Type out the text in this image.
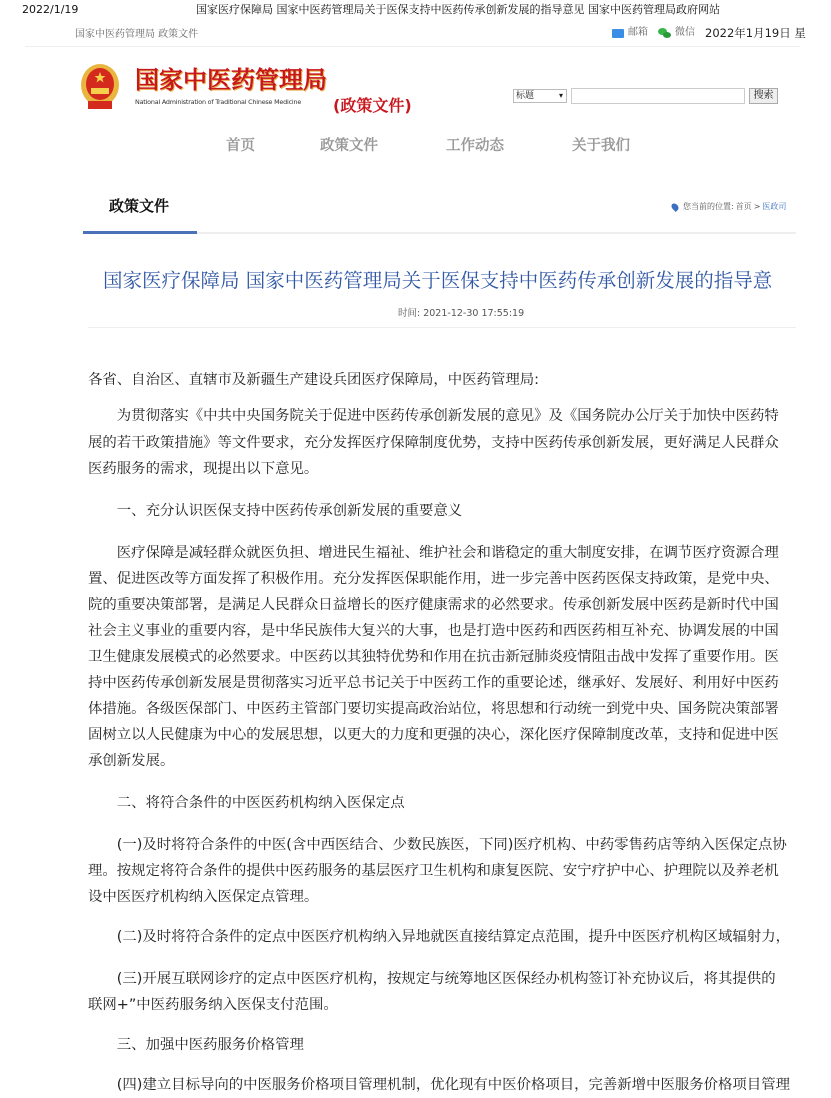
2022/1/19	国家医疗保障局 国家中医药管理局关于医保支持中医药传承创新发展的指导意见 国家中医药管理局政府网站
国家中医药管理局 政策文件	邮箱	微信 2022年1月19日 星
国家中医药管理局
National Administration of Traditional Chinese Medicine (政策文件)	标题	▾	搜索
首页	政策文件	工作动态	关于我们
政策文件	您当前的位置: 首页 > 医政司
国家医疗保障局 国家中医药管理局关于医保支持中医药传承创新发展的指导意
时间: 2021-12-30 17:55:19
各省、自治区、直辖市及新疆生产建设兵团医疗保障局，中医药管理局:
　　为贯彻落实《中共中央国务院关于促进中医药传承创新发展的意见》及《国务院办公厅关于加快中医药特
展的若干政策措施》等文件要求，充分发挥医疗保障制度优势，支持中医药传承创新发展，更好满足人民群众
医药服务的需求，现提出以下意见。
　　一、充分认识医保支持中医药传承创新发展的重要意义
　　医疗保障是减轻群众就医负担、增进民生福祉、维护社会和谐稳定的重大制度安排，在调节医疗资源合理
置、促进医改等方面发挥了积极作用。充分发挥医保职能作用，进一步完善中医药医保支持政策，是党中央、
院的重要决策部署，是满足人民群众日益增长的医疗健康需求的必然要求。传承创新发展中医药是新时代中国
社会主义事业的重要内容，是中华民族伟大复兴的大事，也是打造中医药和西医药相互补充、协调发展的中国
卫生健康发展模式的必然要求。中医药以其独特优势和作用在抗击新冠肺炎疫情阻击战中发挥了重要作用。医
持中医药传承创新发展是贯彻落实习近平总书记关于中医药工作的重要论述，继承好、发展好、利用好中医药
体措施。各级医保部门、中医药主管部门要切实提高政治站位，将思想和行动统一到党中央、国务院决策部署
固树立以人民健康为中心的发展思想，以更大的力度和更强的决心，深化医疗保障制度改革，支持和促进中医
承创新发展。
　　二、将符合条件的中医医药机构纳入医保定点
　　(一)及时将符合条件的中医(含中西医结合、少数民族医，下同)医疗机构、中药零售药店等纳入医保定点协
理。按规定将符合条件的提供中医药服务的基层医疗卫生机构和康复医院、安宁疗护中心、护理院以及养老机
设中医医疗机构纳入医保定点管理。
　　(二)及时将符合条件的定点中医医疗机构纳入异地就医直接结算定点范围，提升中医医疗机构区域辐射力，
　　(三)开展互联网诊疗的定点中医医疗机构，按规定与统筹地区医保经办机构签订补充协议后，将其提供的
联网+”中医药服务纳入医保支付范围。
　　三、加强中医药服务价格管理
　　(四)建立目标导向的中医服务价格项目管理机制，优化现有中医价格项目，完善新增中医服务价格项目管理
